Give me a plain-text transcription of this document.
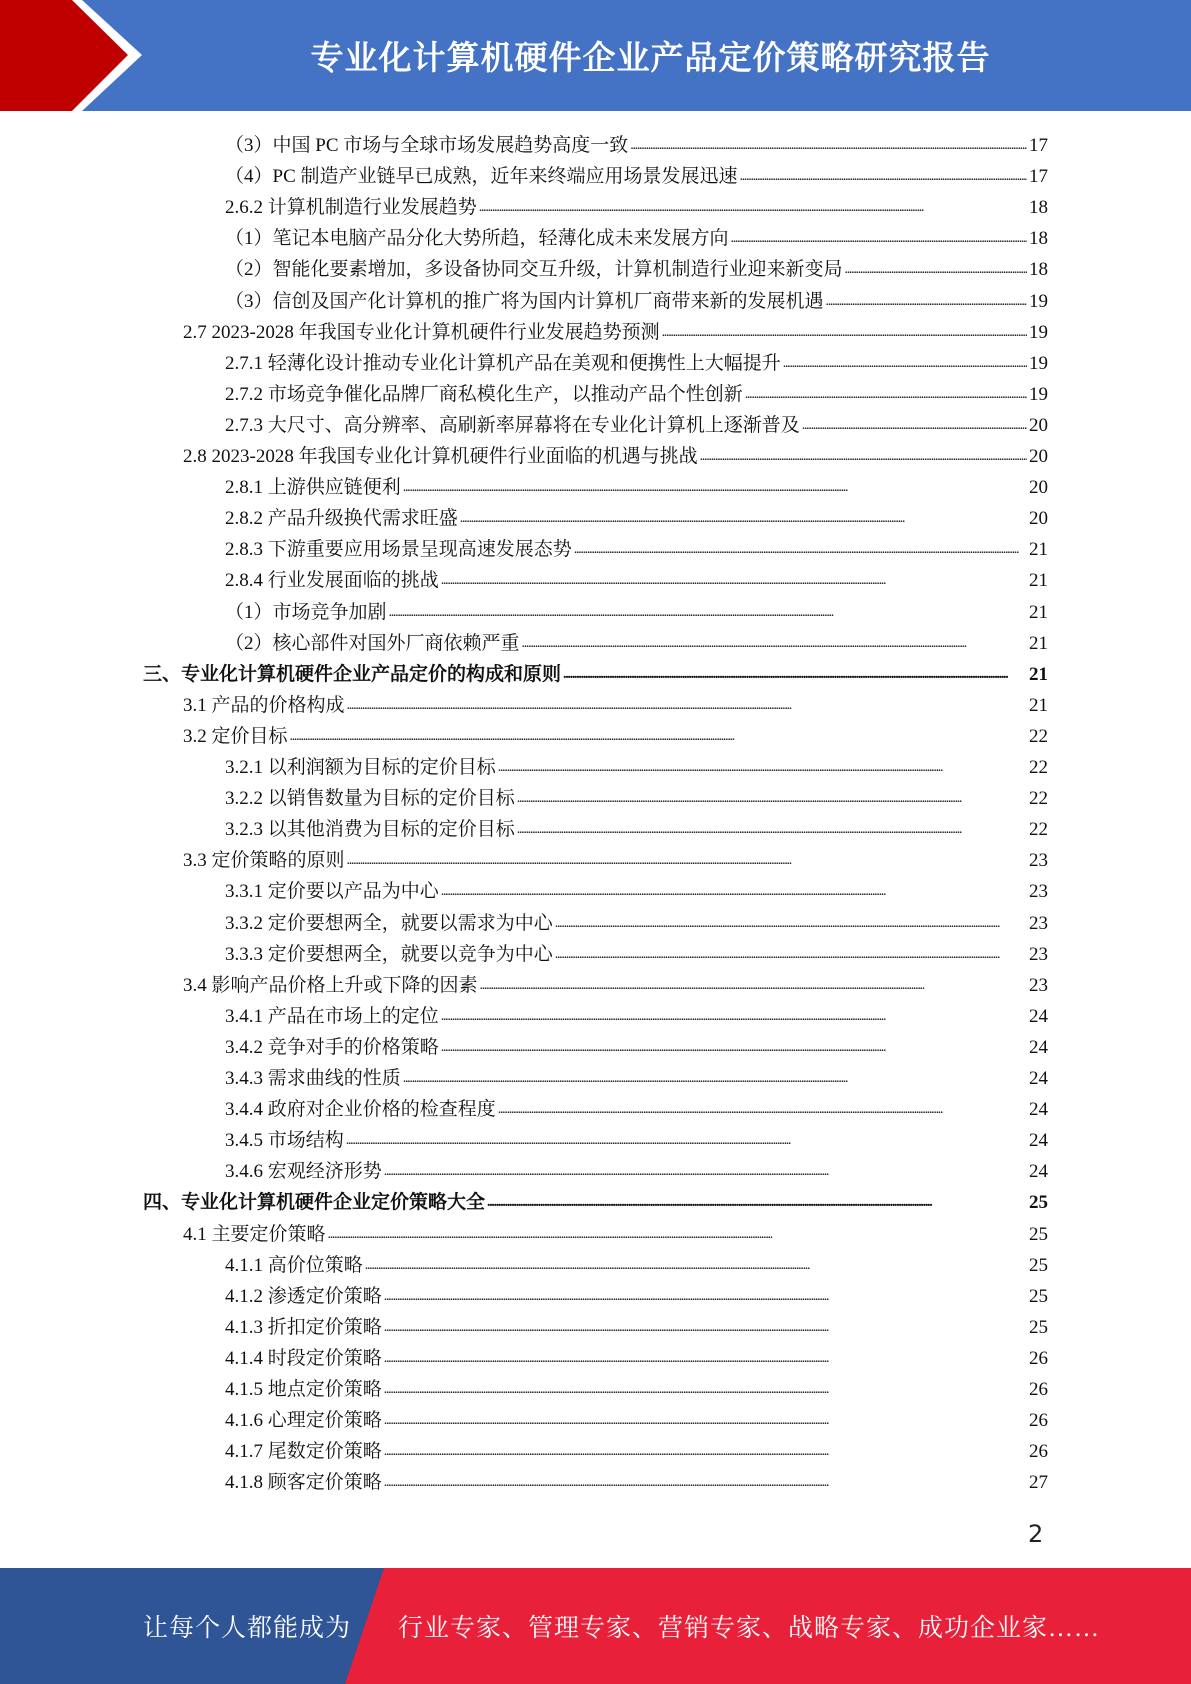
专业化计算机硬件企业产品定价策略研究报告
（3）中国 PC 市场与全球市场发展趋势高度一致 . . .	17
（4）PC 制造产业链早已成熟，近年来终端应用场景发展迅速 . . .	17
2.6.2 计算机制造行业发展趋势 . . .	18
（1）笔记本电脑产品分化大势所趋，轻薄化成未来发展方向 . . .	18
（2）智能化要素增加，多设备协同交互升级，计算机制造行业迎来新变局 . . .	18
（3）信创及国产化计算机的推广将为国内计算机厂商带来新的发展机遇 . . .	19
2.7 2023-2028 年我国专业化计算机硬件行业发展趋势预测 . . .	19
2.7.1 轻薄化设计推动专业化计算机产品在美观和便携性上大幅提升 . . .	19
2.7.2 市场竞争催化品牌厂商私模化生产，以推动产品个性创新 . . .	19
2.7.3 大尺寸、高分辨率、高刷新率屏幕将在专业化计算机上逐渐普及 . . .	20
2.8 2023-2028 年我国专业化计算机硬件行业面临的机遇与挑战 . . .	20
2.8.1 上游供应链便利 . . .	20
2.8.2 产品升级换代需求旺盛 . . .	20
2.8.3 下游重要应用场景呈现高速发展态势 . . .	21
2.8.4 行业发展面临的挑战 . . .	21
（1）市场竞争加剧 . . .	21
（2）核心部件对国外厂商依赖严重 . . .	21
三、专业化计算机硬件企业产品定价的构成和原则 . . .	21
3.1 产品的价格构成 . . .	21
3.2 定价目标 . . .	22
3.2.1 以利润额为目标的定价目标 . . .	22
3.2.2 以销售数量为目标的定价目标 . . .	22
3.2.3 以其他消费为目标的定价目标 . . .	22
3.3 定价策略的原则 . . .	23
3.3.1 定价要以产品为中心 . . .	23
3.3.2 定价要想两全，就要以需求为中心 . . .	23
3.3.3 定价要想两全，就要以竞争为中心 . . .	23
3.4 影响产品价格上升或下降的因素 . . .	23
3.4.1 产品在市场上的定位 . . .	24
3.4.2 竞争对手的价格策略 . . .	24
3.4.3 需求曲线的性质 . . .	24
3.4.4 政府对企业价格的检查程度 . . .	24
3.4.5 市场结构 . . .	24
3.4.6 宏观经济形势 . . .	24
四、专业化计算机硬件企业定价策略大全 . . .	25
4.1 主要定价策略 . . .	25
4.1.1 高价位策略 . . .	25
4.1.2 渗透定价策略 . . .	25
4.1.3 折扣定价策略 . . .	25
4.1.4 时段定价策略 . . .	26
4.1.5 地点定价策略 . . .	26
4.1.6 心理定价策略 . . .	26
4.1.7 尾数定价策略 . . .	26
4.1.8 顾客定价策略 . . .	27
2
让每个人都能成为 行业专家、管理专家、营销专家、战略专家、成功企业家……
